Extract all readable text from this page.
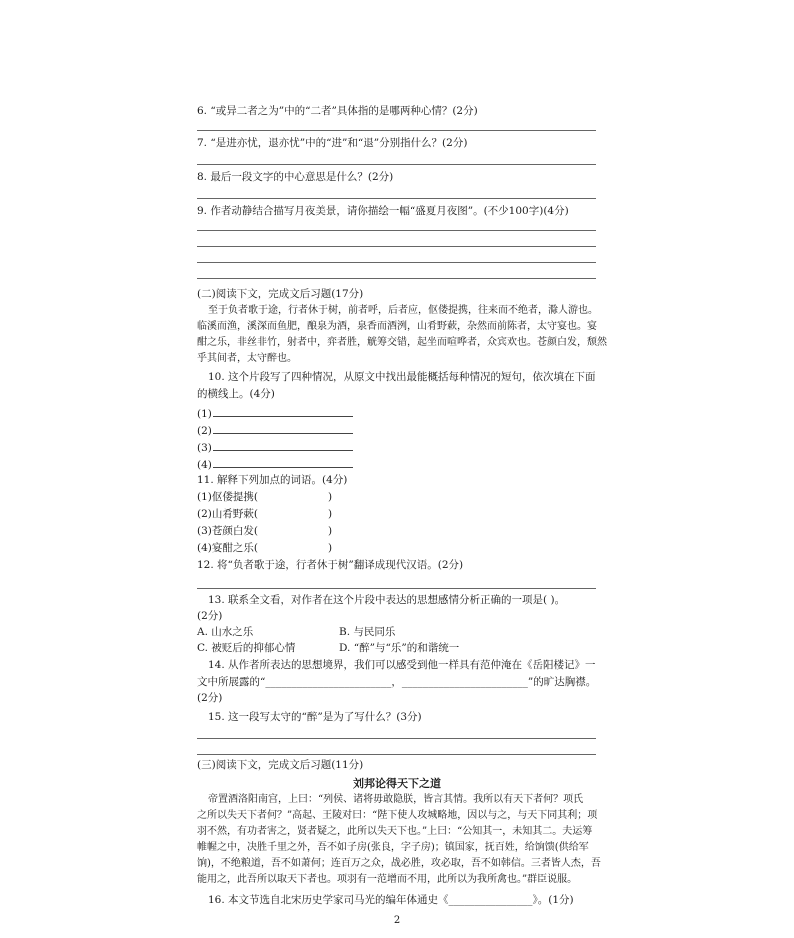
6. “或异二者之为”中的“二者”具体指的是哪两种心情？(2分)
7. “是进亦忧，退亦忧”中的“进”和“退”分别指什么？(2分)
8. 最后一段文字的中心意思是什么？(2分)
9. 作者动静结合描写月夜美景，请你描绘一幅“盛夏月夜图”。(不少100字)(4分)
(二)阅读下文，完成文后习题(17分)
至于负者歌于途，行者休于树，前者呼，后者应，伛偻提携，往来而不绝者，滁人游也。
临溪而渔，溪深而鱼肥，酿泉为酒，泉香而酒洌，山肴野蔌，杂然而前陈者，太守宴也。宴
酣之乐，非丝非竹，射者中，弈者胜，觥筹交错，起坐而喧哗者，众宾欢也。苍颜白发，颓然
乎其间者，太守醉也。
10. 这个片段写了四种情况，从原文中找出最能概括每种情况的短句，依次填在下面
的横线上。(4分)
(1)
(2)
(3)
(4)
11. 解释下列加点的词语。(4分)
(1)伛偻提携(	)
(2)山肴野蔌(	)
(3)苍颜白发(	)
(4)宴酣之乐(	)
12. 将“负者歌于途，行者休于树”翻译成现代汉语。(2分)
13. 联系全文看，对作者在这个片段中表达的思想感情分析正确的一项是( )。
(2分)
A. 山水之乐	B. 与民同乐
C. 被贬后的抑郁心情	D. “醉”与“乐”的和谐统一
14. 从作者所表达的思想境界，我们可以感受到他一样具有范仲淹在《岳阳楼记》一
文中所展露的“________________________，________________________”的旷达胸襟。
(2分)
15. 这一段写太守的“醉”是为了写什么？(3分)
(三)阅读下文，完成文后习题(11分)
刘邦论得天下之道
帝置酒洛阳南宫，上曰：“列侯、诸将毋敢隐朕，皆言其情。我所以有天下者何？项氏
之所以失天下者何？”高起、王陵对曰：“陛下使人攻城略地，因以与之，与天下同其利；项
羽不然，有功者害之，贤者疑之，此所以失天下也。”上曰：“公知其一，未知其二。夫运筹
帷幄之中，决胜千里之外，吾不如子房(张良，字子房)；镇国家，抚百姓，给饷馈(供给军
饷)，不绝粮道，吾不如萧何；连百万之众，战必胜，攻必取，吾不如韩信。三者皆人杰，吾
能用之，此吾所以取天下者也。项羽有一范增而不用，此所以为我所禽也。”群臣说服。
16. 本文节选自北宋历史学家司马光的编年体通史《________________》。(1分)
2
